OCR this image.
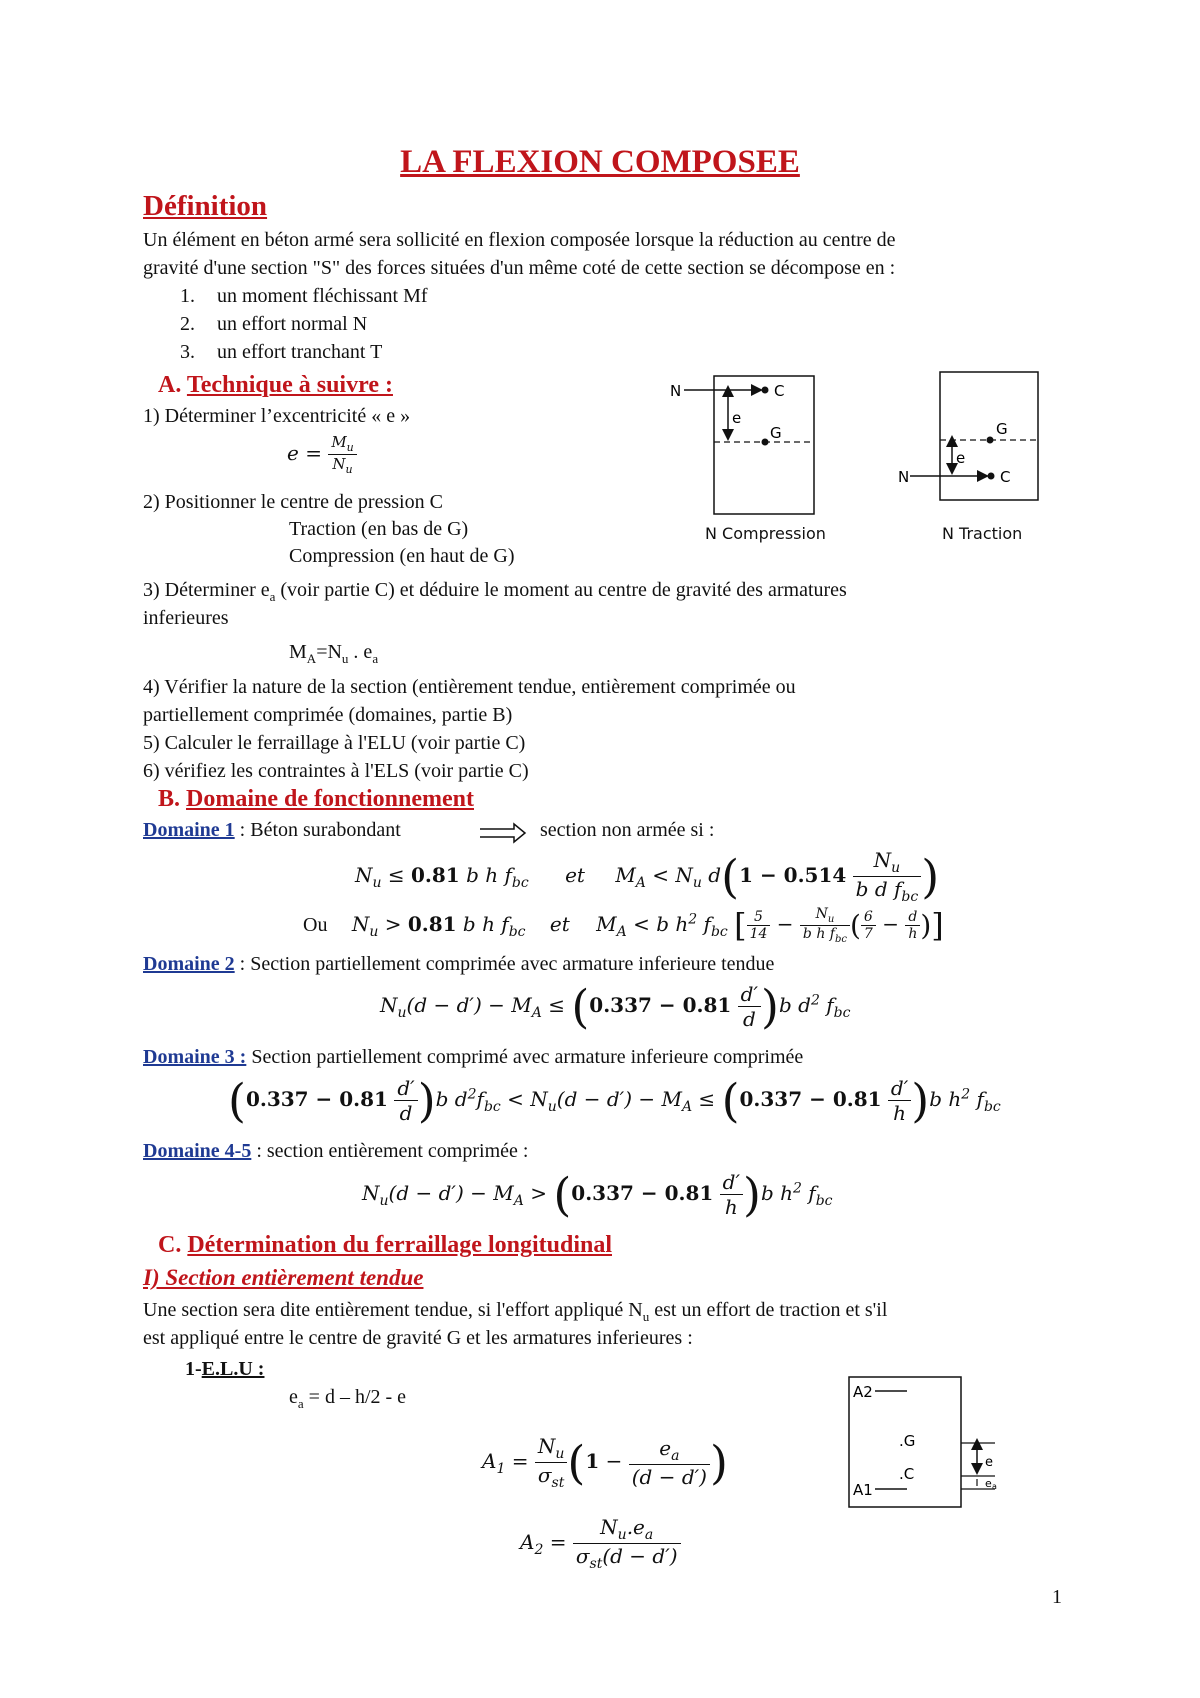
LA FLEXION COMPOSEE
Définition
Un élément en béton armé sera sollicité en flexion composée lorsque la réduction au centre de
gravité d'une section "S" des forces situées d'un même coté de cette section se décompose en :
1. un moment fléchissant Mf
2. un effort normal N
3. un effort tranchant T
A. Technique à suivre :
1) Déterminer l’excentricité « e »
$e = \frac{M_u}{N_u}$
2) Positionner le centre de pression C
Traction (en bas de G)
Compression (en haut de G)
3) Déterminer $e_a$ (voir partie C) et déduire le moment au centre de gravité des armatures
inferieures
$M_A=N_u$ . $e_a$
4) Vérifier la nature de la section (entièrement tendue, entièrement comprimée ou
partiellement comprimée (domaines, partie B)
5) Calculer le ferraillage à l'ELU (voir partie C)
6) vérifiez les contraintes à l'ELS (voir partie C)
N	C
G
e
N Compression
N	C
G
e
N Traction
B. Domaine de fonctionnement
Domaine 1 : Béton surabondant	section non armée si :
$N_u \le 0.81$ b h $f_{bc}$ et $M_A < N_u$ $d(1 - 0.514 \frac{N_u}{b d f_{bc}}$ )
Ou $N_u > 0.81$ b h $f_{bc}$ et $M_A < b$ $h^2$ $f_{bc}$ [ $\frac{5}{14} - \frac{N_u}{b h f_{bc}}$ ( $\frac{6}{7} - \frac{d}{h}$ )]
Domaine 2 : Section partiellement comprimée avec armature inferieure tendue
$N_u(d - d') - M_A \le (0.337 - 0.81 \frac{d'}{d} )b$ $d^2$ $f_{bc}$
Domaine 3 : Section partiellement comprimé avec armature inferieure comprimée
$(0.337 - 0.81 \frac{d'}{d} )b$ $d^2f_{bc} < N_u(d - d') - M_A \le (0.337 - 0.81 \frac{d'}{h} )b$ $h^2$ $f_{bc}$
Domaine 4-5 : section entièrement comprimée :
$N_u(d - d') - M_A > (0.337 - 0.81 \frac{d'}{h} )b$ $h^2$ $f_{bc}$
C. Détermination du ferraillage longitudinal
I) Section entièrement tendue
Une section sera dite entièrement tendue, si l'effort appliqué $N_u$ est un effort de traction et s'il
est appliqué entre le centre de gravité G et les armatures inferieures :
1-E.L.U :
$e_a = d - h/2 - e$
$A_1 = \frac{N_u}{\sigma_{st}} (1 - \frac{e_a}{(d - d')}$ )
$A_2 = \frac{N_u.e_a}{\sigma_{st}(d - d')}$
A2
A1
.G
.C
e
e a
1
